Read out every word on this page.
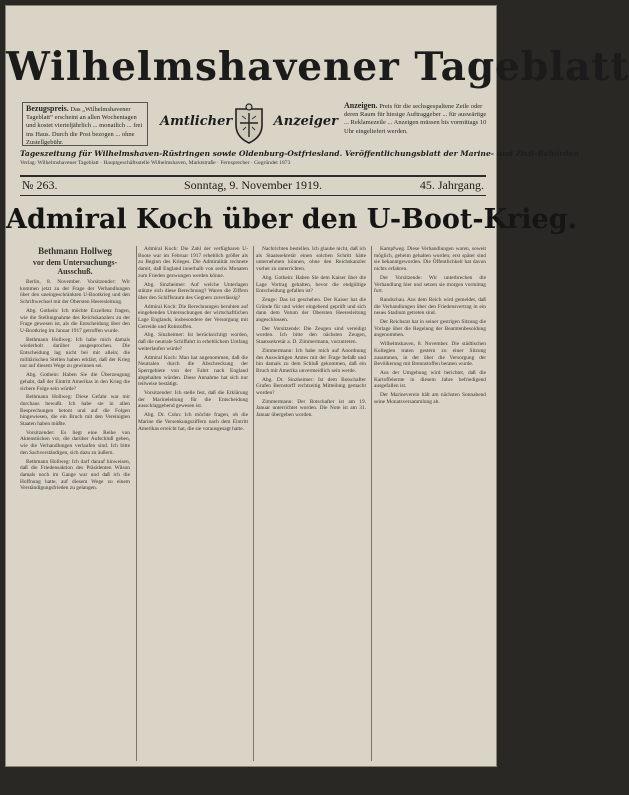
Wilhelmshavener Tageblatt
Bezugspreis. Das „Wilhelmshavener Tageblatt“ erscheint an allen Wochentagen und kostet vierteljährlich ... monatlich ... frei ins Haus. Durch die Post bezogen ... ohne Zustellgebühr.
Amtlicher	Anzeiger
Anzeigen. Preis für die sechsgespaltene Zeile oder deren Raum für hiesige Auftraggeber ... für auswärtige ... Reklamezeile ... Anzeigen müssen bis vormittags 10 Uhr eingeliefert werden.
Tageszeitung für Wilhelmshaven-Rüstringen sowie Oldenburg-Ostfriesland. Veröffentlichungsblatt der Marine- und Zivil-Behörden
Verlag: Wilhelmshavener Tageblatt · Hauptgeschäftsstelle Wilhelmshaven, Marktstraße · Fernsprecher · Gegründet 1873
Sonntag, 9. November 1919.
№ 263.	45. Jahrgang.
Admiral Koch über den U-Boot-Krieg.
Bethmann Hollweg
vor dem Untersuchungs-Ausschuß.

Berlin, 8. November. Vorsitzender: Wir kommen jetzt zu der Frage der Verhandlungen über den uneingeschränkten U-Bootkrieg und den Schriftwechsel mit der Obersten Heeresleitung.

Abg. Gothein: Ich möchte Exzellenz fragen, wie die Stellungnahme des Reichskanzlers zu der Frage gewesen ist, als die Entscheidung über den U-Bootkrieg im Januar 1917 getroffen wurde.

Bethmann Hollweg: Ich habe mich damals wiederholt darüber ausgesprochen. Die Entscheidung lag nicht bei mir allein; die militärischen Stellen haben erklärt, daß der Krieg nur auf diesem Wege zu gewinnen sei.

Abg. Gothein: Haben Sie die Überzeugung gehabt, daß der Eintritt Amerikas in den Krieg die sichere Folge sein würde?

Bethmann Hollweg: Diese Gefahr war mir durchaus bewußt. Ich habe sie in allen Besprechungen betont und auf die Folgen hingewiesen, die ein Bruch mit den Vereinigten Staaten haben müßte.

Vorsitzender: Es liegt eine Reihe von Aktenstücken vor, die darüber Aufschluß geben, wie die Verhandlungen verlaufen sind. Ich bitte den Sachverständigen, sich dazu zu äußern.

Bethmann Hollweg: Ich darf darauf hinweisen, daß die Friedensaktion des Präsidenten Wilson damals noch im Gange war und daß ich die Hoffnung hatte, auf diesem Wege zu einem Verständigungsfrieden zu gelangen.

Admiral Koch: Die Zahl der verfügbaren U-Boote war im Februar 1917 erheblich größer als zu Beginn des Krieges. Die Admiralität rechnete damit, daß England innerhalb von sechs Monaten zum Frieden gezwungen werden könne.

Abg. Sinzheimer: Auf welche Unterlagen stützte sich diese Berechnung? Waren die Ziffern über den Schiffsraum des Gegners zuverlässig?

Admiral Koch: Die Berechnungen beruhten auf eingehenden Untersuchungen der wirtschaftlichen Lage Englands, insbesondere der Versorgung mit Getreide und Rohstoffen.

Abg. Sinzheimer: Ist berücksichtigt worden, daß die neutrale Schiffahrt in erheblichem Umfang weiterlaufen würde?

Admiral Koch: Man hat angenommen, daß die Neutralen durch die Abschreckung der Sperrgebiete von der Fahrt nach England abgehalten würden. Diese Annahme hat sich nur teilweise bestätigt.

Vorsitzender: Ich stelle fest, daß die Erklärung der Marineleitung für die Entscheidung ausschlaggebend gewesen ist.

Abg. Dr. Cohn: Ich möchte fragen, ob die Marine die Versenkungsziffern nach dem Eintritt Amerikas erreicht hat, die sie vorausgesagt hatte.

Nachrichten bestellen. Ich glaube nicht, daß ich als Staatssekretär einen solchen Schritt hätte unternehmen können, ohne den Reichskanzler vorher zu unterrichten.

Abg. Gothein: Haben Sie dem Kaiser über die Lage Vortrag gehalten, bevor die endgültige Entscheidung gefallen ist?

Zeuge: Das ist geschehen. Der Kaiser hat die Gründe für und wider eingehend geprüft und sich dann dem Votum der Obersten Heeresleitung angeschlossen.

Der Vorsitzende: Die Zeugen sind vereidigt worden. Ich bitte den nächsten Zeugen, Staatssekretär a. D. Zimmermann, vorzutreten.

Zimmermann: Ich habe mich auf Anordnung des Auswärtigen Amtes mit der Frage befaßt und bin damals zu dem Schluß gekommen, daß ein Bruch mit Amerika unvermeidlich sein werde.

Abg. Dr. Sinzheimer: Ist dem Botschafter Grafen Bernstorff rechtzeitig Mitteilung gemacht worden?

Zimmermann: Der Botschafter ist am 19. Januar unterrichtet worden. Die Note ist am 31. Januar übergeben worden.

Kampfweg. Diese Verhandlungen waren, soweit möglich, geheim gehalten worden; erst später sind sie bekanntgeworden. Die Öffentlichkeit hat davon nichts erfahren.

Der Vorsitzende: Wir unterbrechen die Verhandlung hier und setzen sie morgen vormittag fort.

Rundschau. Aus dem Reich wird gemeldet, daß die Verhandlungen über den Friedensvertrag in ein neues Stadium getreten sind.

Der Reichsrat hat in seiner gestrigen Sitzung die Vorlage über die Regelung der Beamtenbesoldung angenommen.

Wilhelmshaven, 8. November. Die städtischen Kollegien traten gestern zu einer Sitzung zusammen, in der über die Versorgung der Bevölkerung mit Brennstoffen beraten wurde.

Aus der Umgebung wird berichtet, daß die Kartoffelernte in diesem Jahre befriedigend ausgefallen ist.

Der Marineverein hält am nächsten Sonnabend seine Monatsversammlung ab.
